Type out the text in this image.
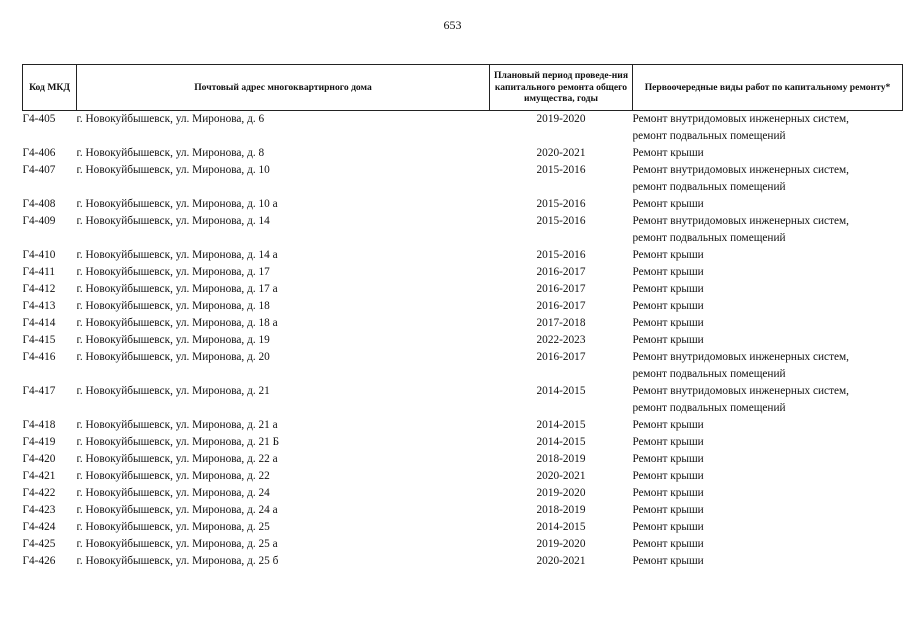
653
Код МКД	Почтовый адрес многоквартирного дома	Плановый период проведе-ния капитального ремонта общего имущества, годы	Первоочередные виды работ по капитальному ремонту*
Г4-405	г. Новокуйбышевск, ул. Миронова, д. 6	2019-2020	Ремонт внутридомовых инженерных систем,
ремонт подвальных помещений

Г4-406	г. Новокуйбышевск, ул. Миронова, д. 8	2020-2021	Ремонт крыши

Г4-407	г. Новокуйбышевск, ул. Миронова, д. 10	2015-2016	Ремонт внутридомовых инженерных систем,
ремонт подвальных помещений

Г4-408	г. Новокуйбышевск, ул. Миронова, д. 10 а	2015-2016	Ремонт крыши

Г4-409	г. Новокуйбышевск, ул. Миронова, д. 14	2015-2016	Ремонт внутридомовых инженерных систем,
ремонт подвальных помещений

Г4-410	г. Новокуйбышевск, ул. Миронова, д. 14 а	2015-2016	Ремонт крыши

Г4-411	г. Новокуйбышевск, ул. Миронова, д. 17	2016-2017	Ремонт крыши

Г4-412	г. Новокуйбышевск, ул. Миронова, д. 17 а	2016-2017	Ремонт крыши

Г4-413	г. Новокуйбышевск, ул. Миронова, д. 18	2016-2017	Ремонт крыши

Г4-414	г. Новокуйбышевск, ул. Миронова, д. 18 а	2017-2018	Ремонт крыши

Г4-415	г. Новокуйбышевск, ул. Миронова, д. 19	2022-2023	Ремонт крыши

Г4-416	г. Новокуйбышевск, ул. Миронова, д. 20	2016-2017	Ремонт внутридомовых инженерных систем,
ремонт подвальных помещений

Г4-417	г. Новокуйбышевск, ул. Миронова, д. 21	2014-2015	Ремонт внутридомовых инженерных систем,
ремонт подвальных помещений

Г4-418	г. Новокуйбышевск, ул. Миронова, д. 21 а	2014-2015	Ремонт крыши

Г4-419	г. Новокуйбышевск, ул. Миронова, д. 21 Б	2014-2015	Ремонт крыши

Г4-420	г. Новокуйбышевск, ул. Миронова, д. 22 а	2018-2019	Ремонт крыши

Г4-421	г. Новокуйбышевск, ул. Миронова, д. 22	2020-2021	Ремонт крыши

Г4-422	г. Новокуйбышевск, ул. Миронова, д. 24	2019-2020	Ремонт крыши

Г4-423	г. Новокуйбышевск, ул. Миронова, д. 24 а	2018-2019	Ремонт крыши

Г4-424	г. Новокуйбышевск, ул. Миронова, д. 25	2014-2015	Ремонт крыши

Г4-425	г. Новокуйбышевск, ул. Миронова, д. 25 а	2019-2020	Ремонт крыши

Г4-426	г. Новокуйбышевск, ул. Миронова, д. 25 б	2020-2021	Ремонт крыши
